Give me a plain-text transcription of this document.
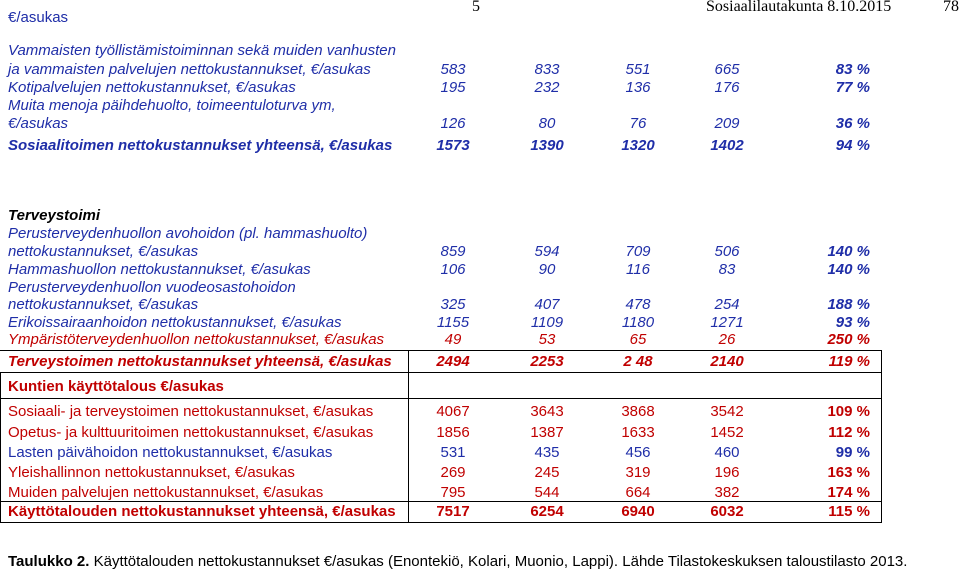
5	Sosiaalilautakunta 8.10.2015	78
€/asukas
Vammaisten työllistämistoiminnan sekä muiden vanhusten
ja vammaisten palvelujen nettokustannukset, €/asukas	583	833	551	665	83 %
Kotipalvelujen nettokustannukset, €/asukas	195	232	136	176	77 %
Muita menoja päihdehuolto, toimeentuloturva ym,
€/asukas	126	80	76	209	36 %
Sosiaalitoimen nettokustannukset yhteensä, €/asukas	1573	1390	1320	1402	94 %
Terveystoimi
Perusterveydenhuollon avohoidon (pl. hammashuolto)
nettokustannukset, €/asukas	859	594	709	506	140 %
Hammashuollon nettokustannukset, €/asukas	106	90	116	83	140 %
Perusterveydenhuollon vuodeosastohoidon
nettokustannukset, €/asukas	325	407	478	254	188 %
Erikoissairaanhoidon nettokustannukset, €/asukas	1155	1109	1180	1271	93 %
Ympäristöterveydenhuollon nettokustannukset, €/asukas	49	53	65	26	250 %
Terveystoimen nettokustannukset yhteensä, €/asukas	2494	2253	2 48	2140	119 %
Kuntien käyttötalous €/asukas
Sosiaali- ja terveystoimen nettokustannukset, €/asukas	4067	3643	3868	3542	109 %
Opetus- ja kulttuuritoimen nettokustannukset, €/asukas	1856	1387	1633	1452	112 %
Lasten päivähoidon nettokustannukset, €/asukas	531	435	456	460	99 %
Yleishallinnon nettokustannukset, €/asukas	269	245	319	196	163 %
Muiden palvelujen nettokustannukset, €/asukas	795	544	664	382	174 %
Käyttötalouden nettokustannukset yhteensä, €/asukas	7517	6254	6940	6032	115 %
Taulukko 2. Käyttötalouden nettokustannukset €/asukas (Enontekiö, Kolari, Muonio, Lappi). Lähde Tilastokeskuksen taloustilasto 2013.
